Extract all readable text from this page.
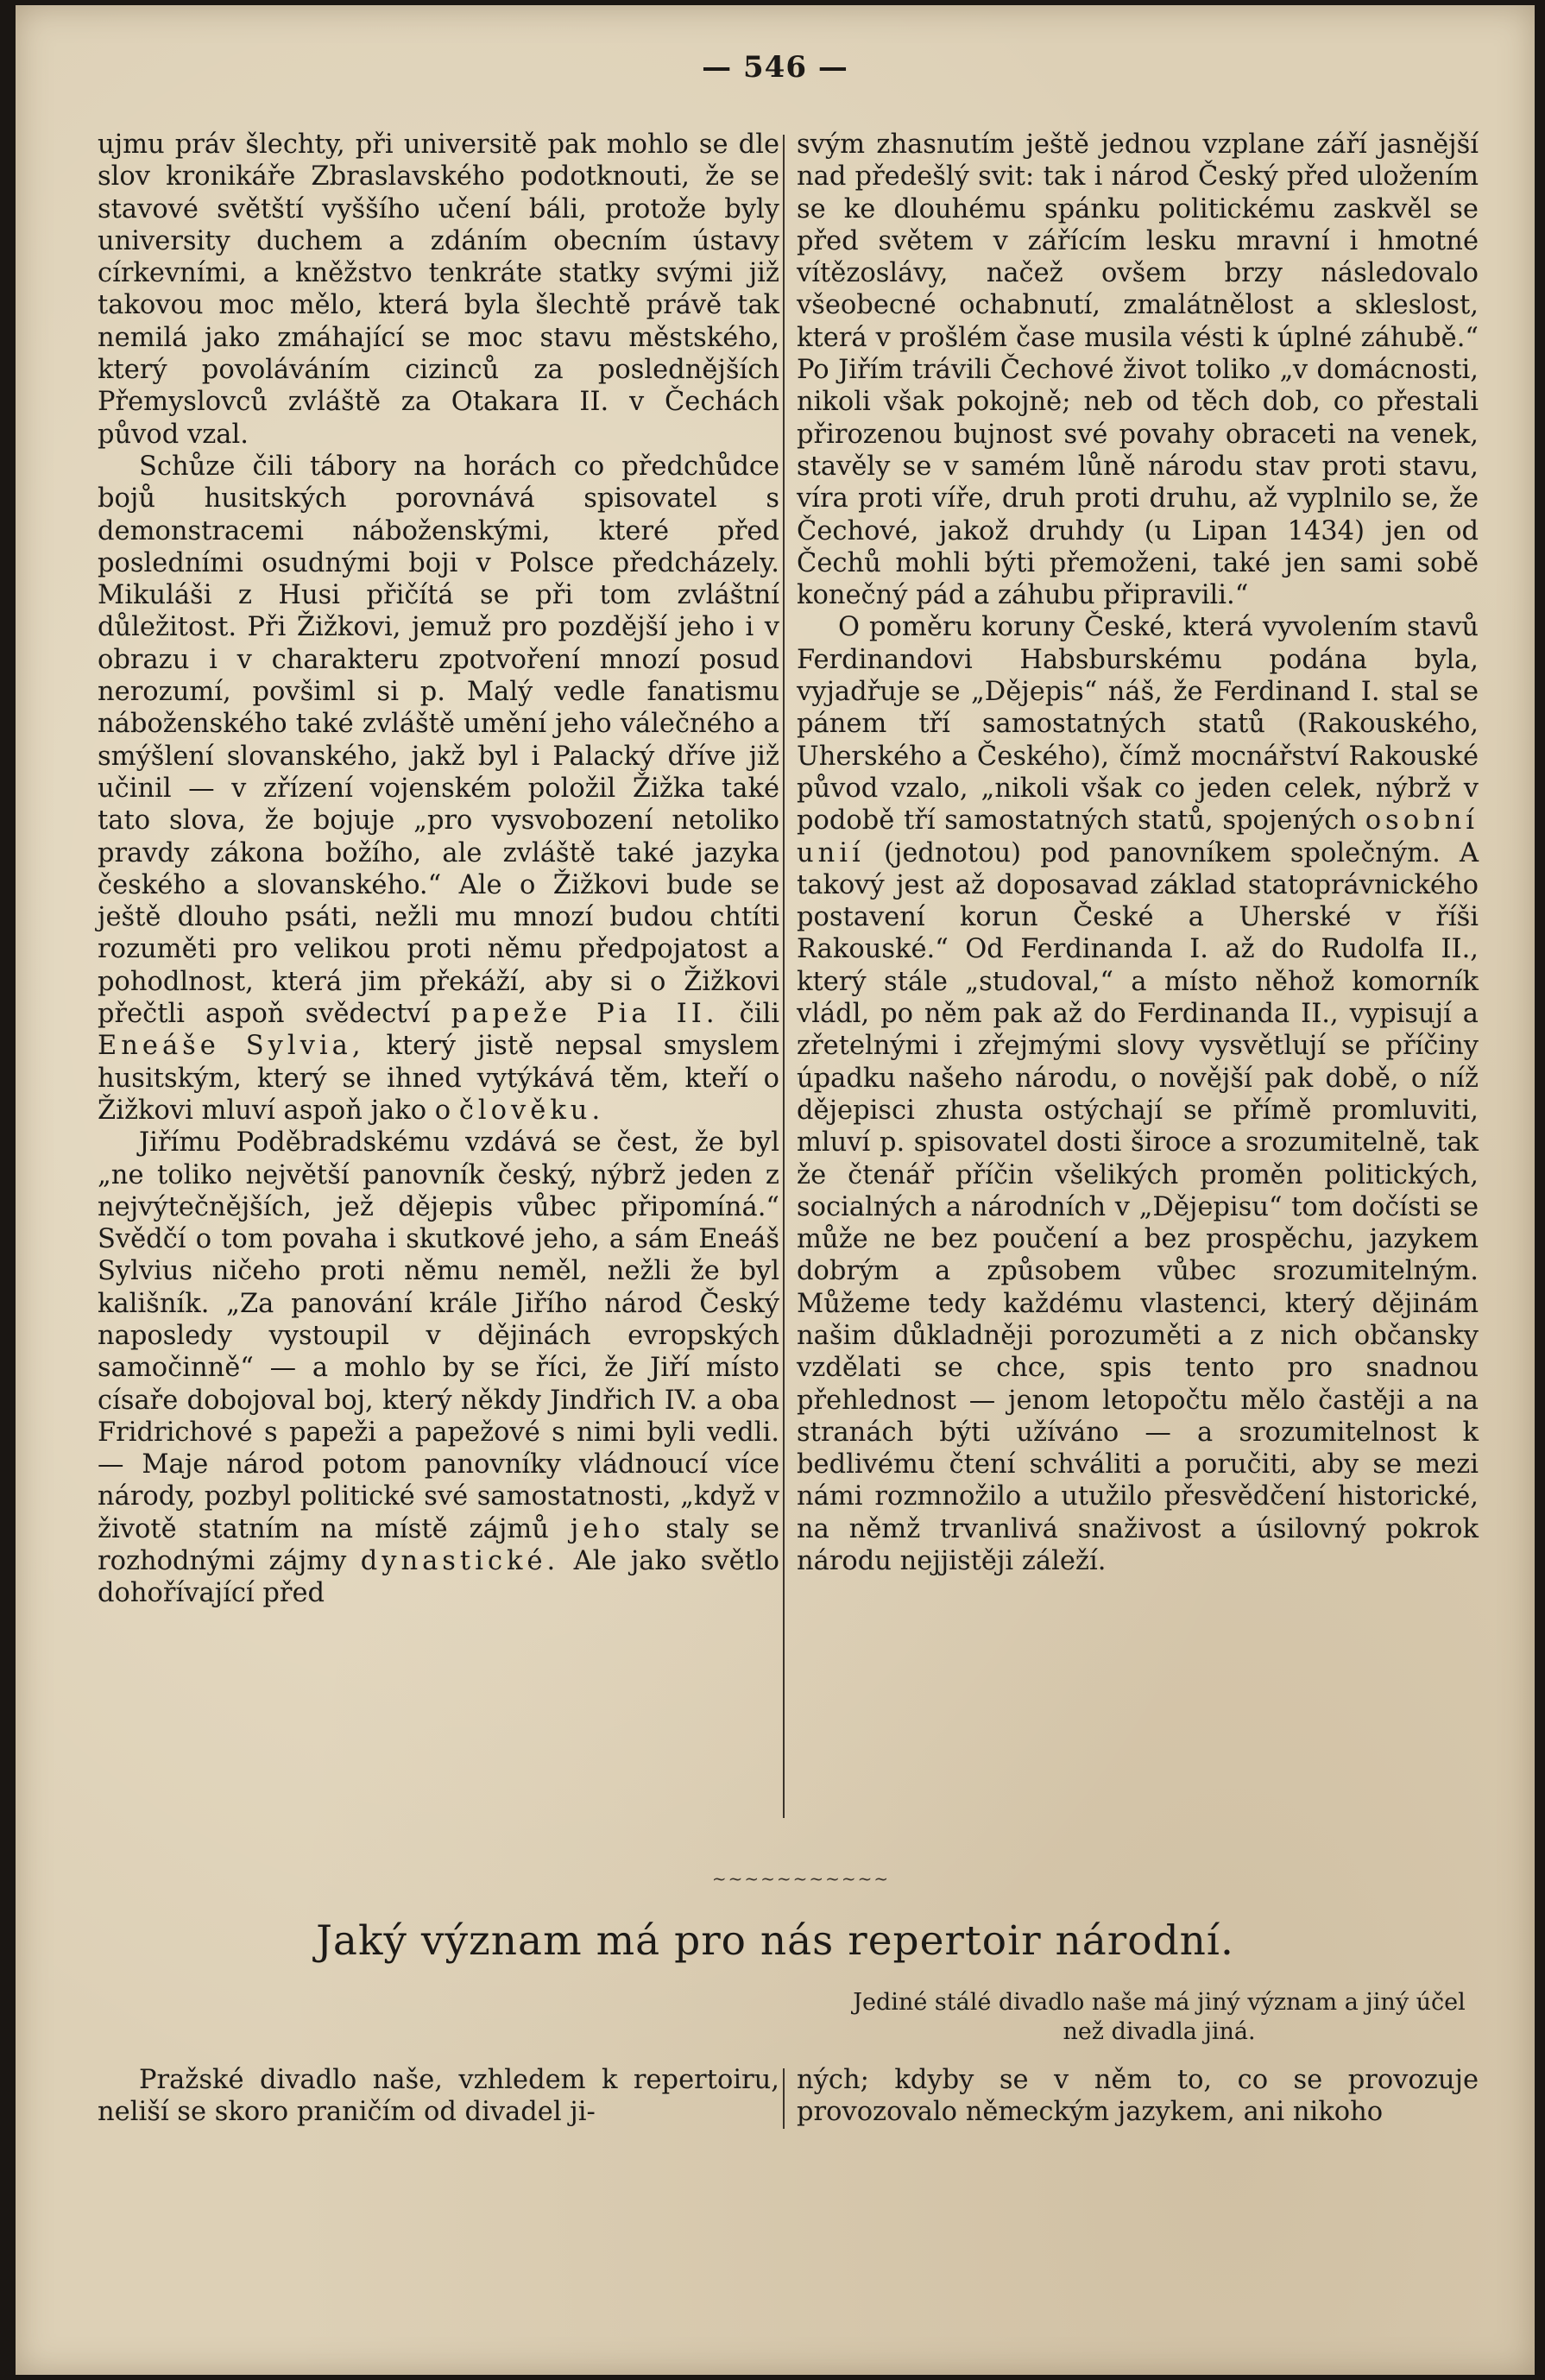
— 546 —

ujmu práv šlechty, při universitě pak mohlo se dle slov kronikáře Zbraslavského podotknouti, že se stavové světští vyššího učení báli, protože byly university duchem a zdáním obecním ústavy církevními, a kněžstvo tenkráte statky svými již takovou moc mělo, která byla šlechtě právě tak nemilá jako zmáhající se moc stavu městského, který povoláváním cizinců za poslednějších Přemyslovců zvláště za Otakara II. v Čechách původ vzal.

Schůze čili tábory na horách co předchůdce bojů husitských porovnává spisovatel s demonstracemi náboženskými, které před posledními osudnými boji v Polsce předcházely. Mikuláši z Husi přičítá se při tom zvláštní důležitost. Při Žižkovi, jemuž pro pozdější jeho i v obrazu i v charakteru zpotvoření mnozí posud nerozumí, povšiml si p. Malý vedle fanatismu náboženského také zvláště umění jeho válečného a smýšlení slovanského, jakž byl i Palacký dříve již učinil — v zřízení vojenském položil Žižka také tato slova, že bojuje „pro vysvobození netoliko pravdy zákona božího, ale zvláště také jazyka českého a slovanského.“ Ale o Žižkovi bude se ještě dlouho psáti, nežli mu mnozí budou chtíti rozuměti pro velikou proti němu předpojatost a pohodlnost, která jim překáží, aby si o Žižkovi přečtli aspoň svědectví papeže Pia II. čili Eneáše Sylvia, který jistě nepsal smyslem husitským, který se ihned vytýkává těm, kteří o Žižkovi mluví aspoň jako o člověku.

Jiřímu Poděbradskému vzdává se čest, že byl „ne toliko největší panovník český, nýbrž jeden z nejvýtečnějších, jež dějepis vůbec připomíná.“ Svědčí o tom povaha i skutkové jeho, a sám Eneáš Sylvius ničeho proti němu neměl, nežli že byl kališník. „Za panování krále Jiřího národ Český naposledy vystoupil v dějinách evropských samočinně“ — a mohlo by se říci, že Jiří místo císaře dobojoval boj, který někdy Jindřich IV. a oba Fridrichové s papeži a papežové s nimi byli vedli. — Maje národ potom panovníky vládnoucí více národy, pozbyl politické své samostatnosti, „když v životě statním na místě zájmů jeho staly se rozhodnými zájmy dynastické. Ale jako světlo dohořívající před

svým zhasnutím ještě jednou vzplane září jasnější nad předešlý svit: tak i národ Český před uložením se ke dlouhému spánku politickému zaskvěl se před světem v zářícím lesku mravní i hmotné vítězoslávy, načež ovšem brzy následovalo všeobecné ochabnutí, zmalátnělost a skleslost, která v prošlém čase musila vésti k úplné záhubě.“ Po Jiřím trávili Čechové život toliko „v domácnosti, nikoli však pokojně; neb od těch dob, co přestali přirozenou bujnost své povahy obraceti na venek, stavěly se v samém lůně národu stav proti stavu, víra proti víře, druh proti druhu, až vyplnilo se, že Čechové, jakož druhdy (u Lipan 1434) jen od Čechů mohli býti přemoženi, také jen sami sobě konečný pád a záhubu připravili.“

O poměru koruny České, která vyvolením stavů Ferdinandovi Habsburskému podána byla, vyjadřuje se „Dějepis“ náš, že Ferdinand I. stal se pánem tří samostatných statů (Rakouského, Uherského a Českého), čímž mocnářství Rakouské původ vzalo, „nikoli však co jeden celek, nýbrž v podobě tří samostatných statů, spojených osobní unií (jednotou) pod panovníkem společným. A takový jest až doposavad základ statoprávnického postavení korun České a Uherské v říši Rakouské.“ Od Ferdinanda I. až do Rudolfa II., který stále „studoval,“ a místo něhož komorník vládl, po něm pak až do Ferdinanda II., vypisují a zřetelnými i zřejmými slovy vysvětlují se příčiny úpadku našeho národu, o novější pak době, o níž dějepisci zhusta ostýchají se přímě promluviti, mluví p. spisovatel dosti široce a srozumitelně, tak že čtenář příčin všelikých proměn politických, socialných a národních v „Dějepisu“ tom dočísti se může ne bez poučení a bez prospěchu, jazykem dobrým a způsobem vůbec srozumitelným. Můžeme tedy každému vlastenci, který dějinám našim důkladněji porozuměti a z nich občansky vzdělati se chce, spis tento pro snadnou přehlednost — jenom letopočtu mělo častěji a na stranách býti užíváno — a srozumitelnost k bedlivému čtení schváliti a poručiti, aby se mezi námi rozmnožilo a utužilo přesvědčení historické, na němž trvanlivá snaživost a úsilovný pokrok národu nejjistěji záleží.

~~~~~~~~~~~
Jaký význam má pro nás repertoir národní.
Jediné stálé divadlo naše má jiný význam a jiný účel než divadla jiná.
Pražské divadlo naše, vzhledem k repertoiru, neliší se skoro praničím od divadel ji-
ných; kdyby se v něm to, co se provozuje provozovalo německým jazykem, ani nikoho
